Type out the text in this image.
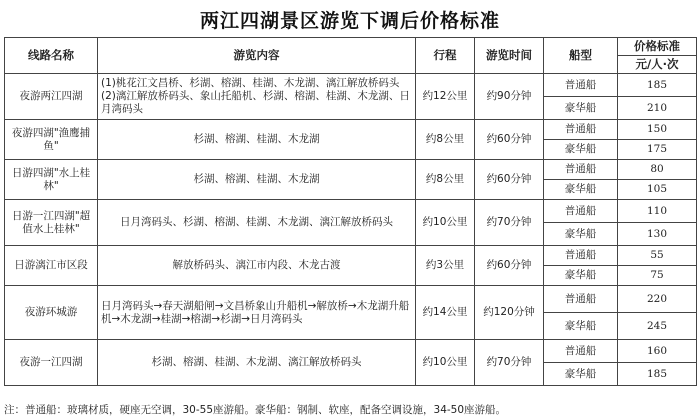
两江四湖景区游览下调后价格标准
线路名称	游览内容	行程	游览时间	船型	价格标准
					元/人·次
夜游两江四湖	(1)桃花江文昌桥、杉湖、榕湖、桂湖、木龙湖、漓江解放桥码头 (2)漓江解放桥码头、象山托船机、杉湖、榕湖、桂湖、木龙湖、日月湾码头	约12公里	约90分钟	普通船	185
				豪华船	210
夜游四湖"渔鹰捕鱼"	杉湖、榕湖、桂湖、木龙湖	约8公里	约60分钟	普通船	150
				豪华船	175
日游四湖"水上桂林"	杉湖、榕湖、桂湖、木龙湖	约8公里	约60分钟	普通船	80
				豪华船	105
日游一江四湖"超值水上桂林"	日月湾码头、杉湖、榕湖、桂湖、木龙湖、漓江解放桥码头	约10公里	约70分钟	普通船	110
				豪华船	130
日游漓江市区段	解放桥码头、漓江市内段、木龙古渡	约3公里	约60分钟	普通船	55
				豪华船	75
夜游环城游	日月湾码头→春天湖船闸→文昌桥象山升船机→解放桥→木龙湖升船机→木龙湖→桂湖→榕湖→杉湖→日月湾码头	约14公里	约120分钟	普通船	220
				豪华船	245
夜游一江四湖	杉湖、榕湖、桂湖、木龙湖、漓江解放桥码头	约10公里	约70分钟	普通船	160
				豪华船	185
注：普通船：玻璃材质，硬座无空调，30-55座游船。豪华船：钢制、软座，配备空调设施，34-50座游船。
